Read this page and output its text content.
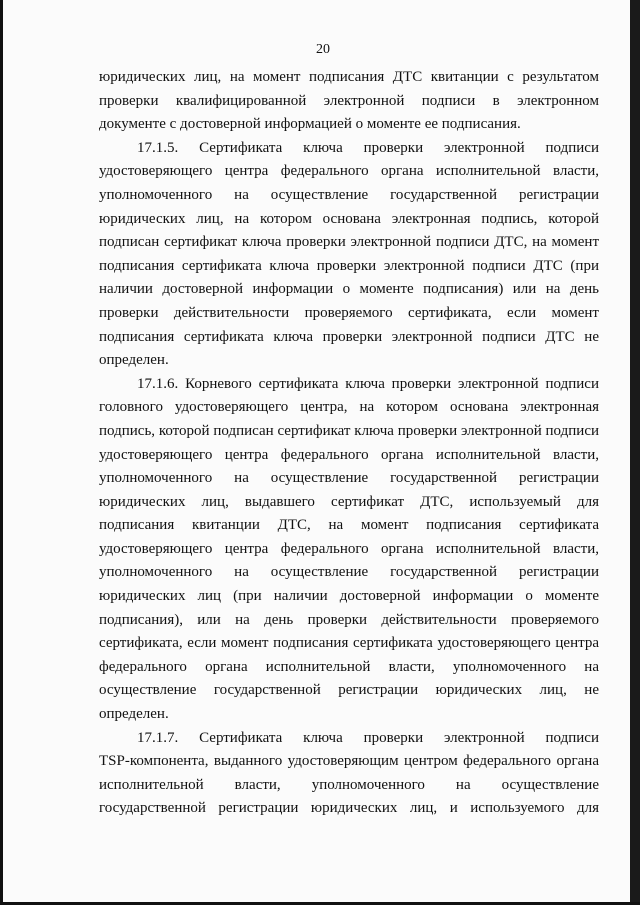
20
юридических лиц, на момент подписания ДТС квитанции с результатом
проверки квалифицированной электронной подписи в электронном
документе с достоверной информацией о моменте ее подписания.
17.1.5. Сертификата ключа проверки электронной подписи
удостоверяющего центра федерального органа исполнительной власти,
уполномоченного на осуществление государственной регистрации
юридических лиц, на котором основана электронная подпись, которой
подписан сертификат ключа проверки электронной подписи ДТС, на момент
подписания сертификата ключа проверки электронной подписи ДТС (при
наличии достоверной информации о моменте подписания) или на день
проверки действительности проверяемого сертификата, если момент
подписания сертификата ключа проверки электронной подписи ДТС не
определен.
17.1.6. Корневого сертификата ключа проверки электронной подписи
головного удостоверяющего центра, на котором основана электронная
подпись, которой подписан сертификат ключа проверки электронной подписи
удостоверяющего центра федерального органа исполнительной власти,
уполномоченного на осуществление государственной регистрации
юридических лиц, выдавшего сертификат ДТС, используемый для
подписания квитанции ДТС, на момент подписания сертификата
удостоверяющего центра федерального органа исполнительной власти,
уполномоченного на осуществление государственной регистрации
юридических лиц (при наличии достоверной информации о моменте
подписания), или на день проверки действительности проверяемого
сертификата, если момент подписания сертификата удостоверяющего центра
федерального органа исполнительной власти, уполномоченного на
осуществление государственной регистрации юридических лиц, не
определен.
17.1.7. Сертификата ключа проверки электронной подписи
TSP-компонента, выданного удостоверяющим центром федерального органа
исполнительной власти, уполномоченного на осуществление
государственной регистрации юридических лиц, и используемого для
